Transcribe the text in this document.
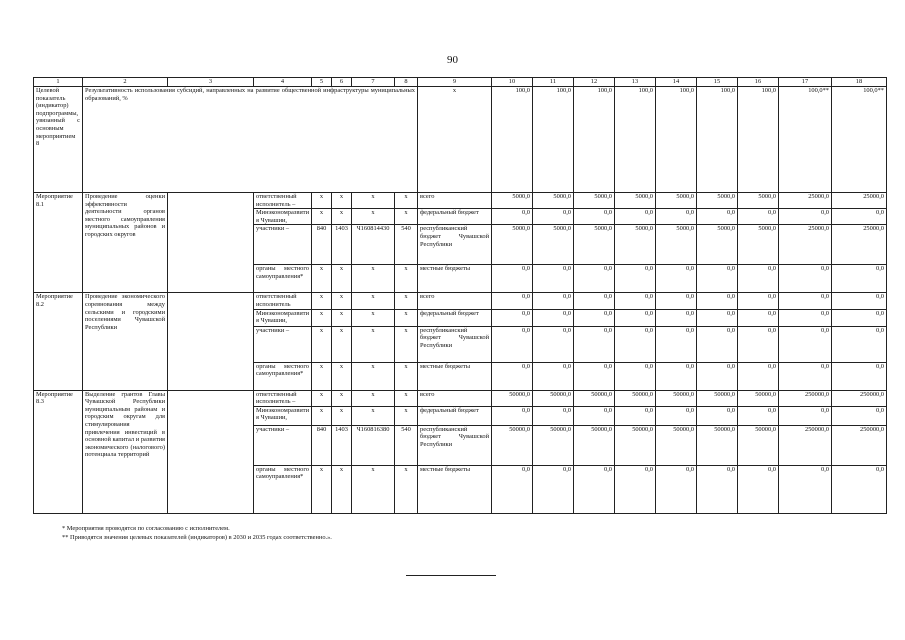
90
1	2	3	4	5	6	7	8	9	10	11	12	13	14	15	16	17	18
Целевой показатель (индикатор) подпрограммы, увязанный с основным мероприятием 8	Результативность использования субсидий, направленных на развитие общественной инфраструктуры муниципальных образований, %							x	100,0	100,0	100,0	100,0	100,0	100,0	100,0	100,0**	100,0**
Мероприятие 8.1	Проведение оценки эффективности деятельности органов местного самоуправления муниципальных районов и городских округов		ответственный исполнитель –	x	x	x	x	всего	5000,0	5000,0	5000,0	5000,0	5000,0	5000,0	5000,0	25000,0	25000,0
			Минэкономразвития Чувашии,	x	x	x	x	федеральный бюджет	0,0	0,0	0,0	0,0	0,0	0,0	0,0	0,0	0,0
			участники –	840	1403	Ч160814430	540	республиканский бюджет Чувашской Республики	5000,0	5000,0	5000,0	5000,0	5000,0	5000,0	5000,0	25000,0	25000,0
			органы местного самоуправления*	x	x	x	x	местные бюджеты	0,0	0,0	0,0	0,0	0,0	0,0	0,0	0,0	0,0
Мероприятие 8.2	Проведение экономического соревнования между сельскими и городскими поселениями Чувашской Республики		ответственный исполнитель	x	x	x	x	всего	0,0	0,0	0,0	0,0	0,0	0,0	0,0	0,0	0,0
			Минэкономразвития Чувашии,	x	x	x	x	федеральный бюджет	0,0	0,0	0,0	0,0	0,0	0,0	0,0	0,0	0,0
			участники –	x	x	x	x	республиканский бюджет Чувашской Республики	0,0	0,0	0,0	0,0	0,0	0,0	0,0	0,0	0,0
			органы местного самоуправления*	x	x	x	x	местные бюджеты	0,0	0,0	0,0	0,0	0,0	0,0	0,0	0,0	0,0
Мероприятие 8.3	Выделение грантов Главы Чувашской Республики муниципальным районам и городским округам для стимулирования привлечения инвестиций в основной капитал и развития экономического (налогового) потенциала территорий		ответственный исполнитель –	x	x	x	x	всего	50000,0	50000,0	50000,0	50000,0	50000,0	50000,0	50000,0	250000,0	250000,0
			Минэкономразвития Чувашии,	x	x	x	x	федеральный бюджет	0,0	0,0	0,0	0,0	0,0	0,0	0,0	0,0	0,0
			участники –	840	1403	Ч160816380	540	республиканский бюджет Чувашской Республики	50000,0	50000,0	50000,0	50000,0	50000,0	50000,0	50000,0	250000,0	250000,0
			органы местного самоуправления*	x	x	x	x	местные бюджеты	0,0	0,0	0,0	0,0	0,0	0,0	0,0	0,0	0,0
* Мероприятия проводятся по согласованию с исполнителем.
** Приводятся значения целевых показателей (индикаторов) в 2030 и 2035 годах соответственно.».
